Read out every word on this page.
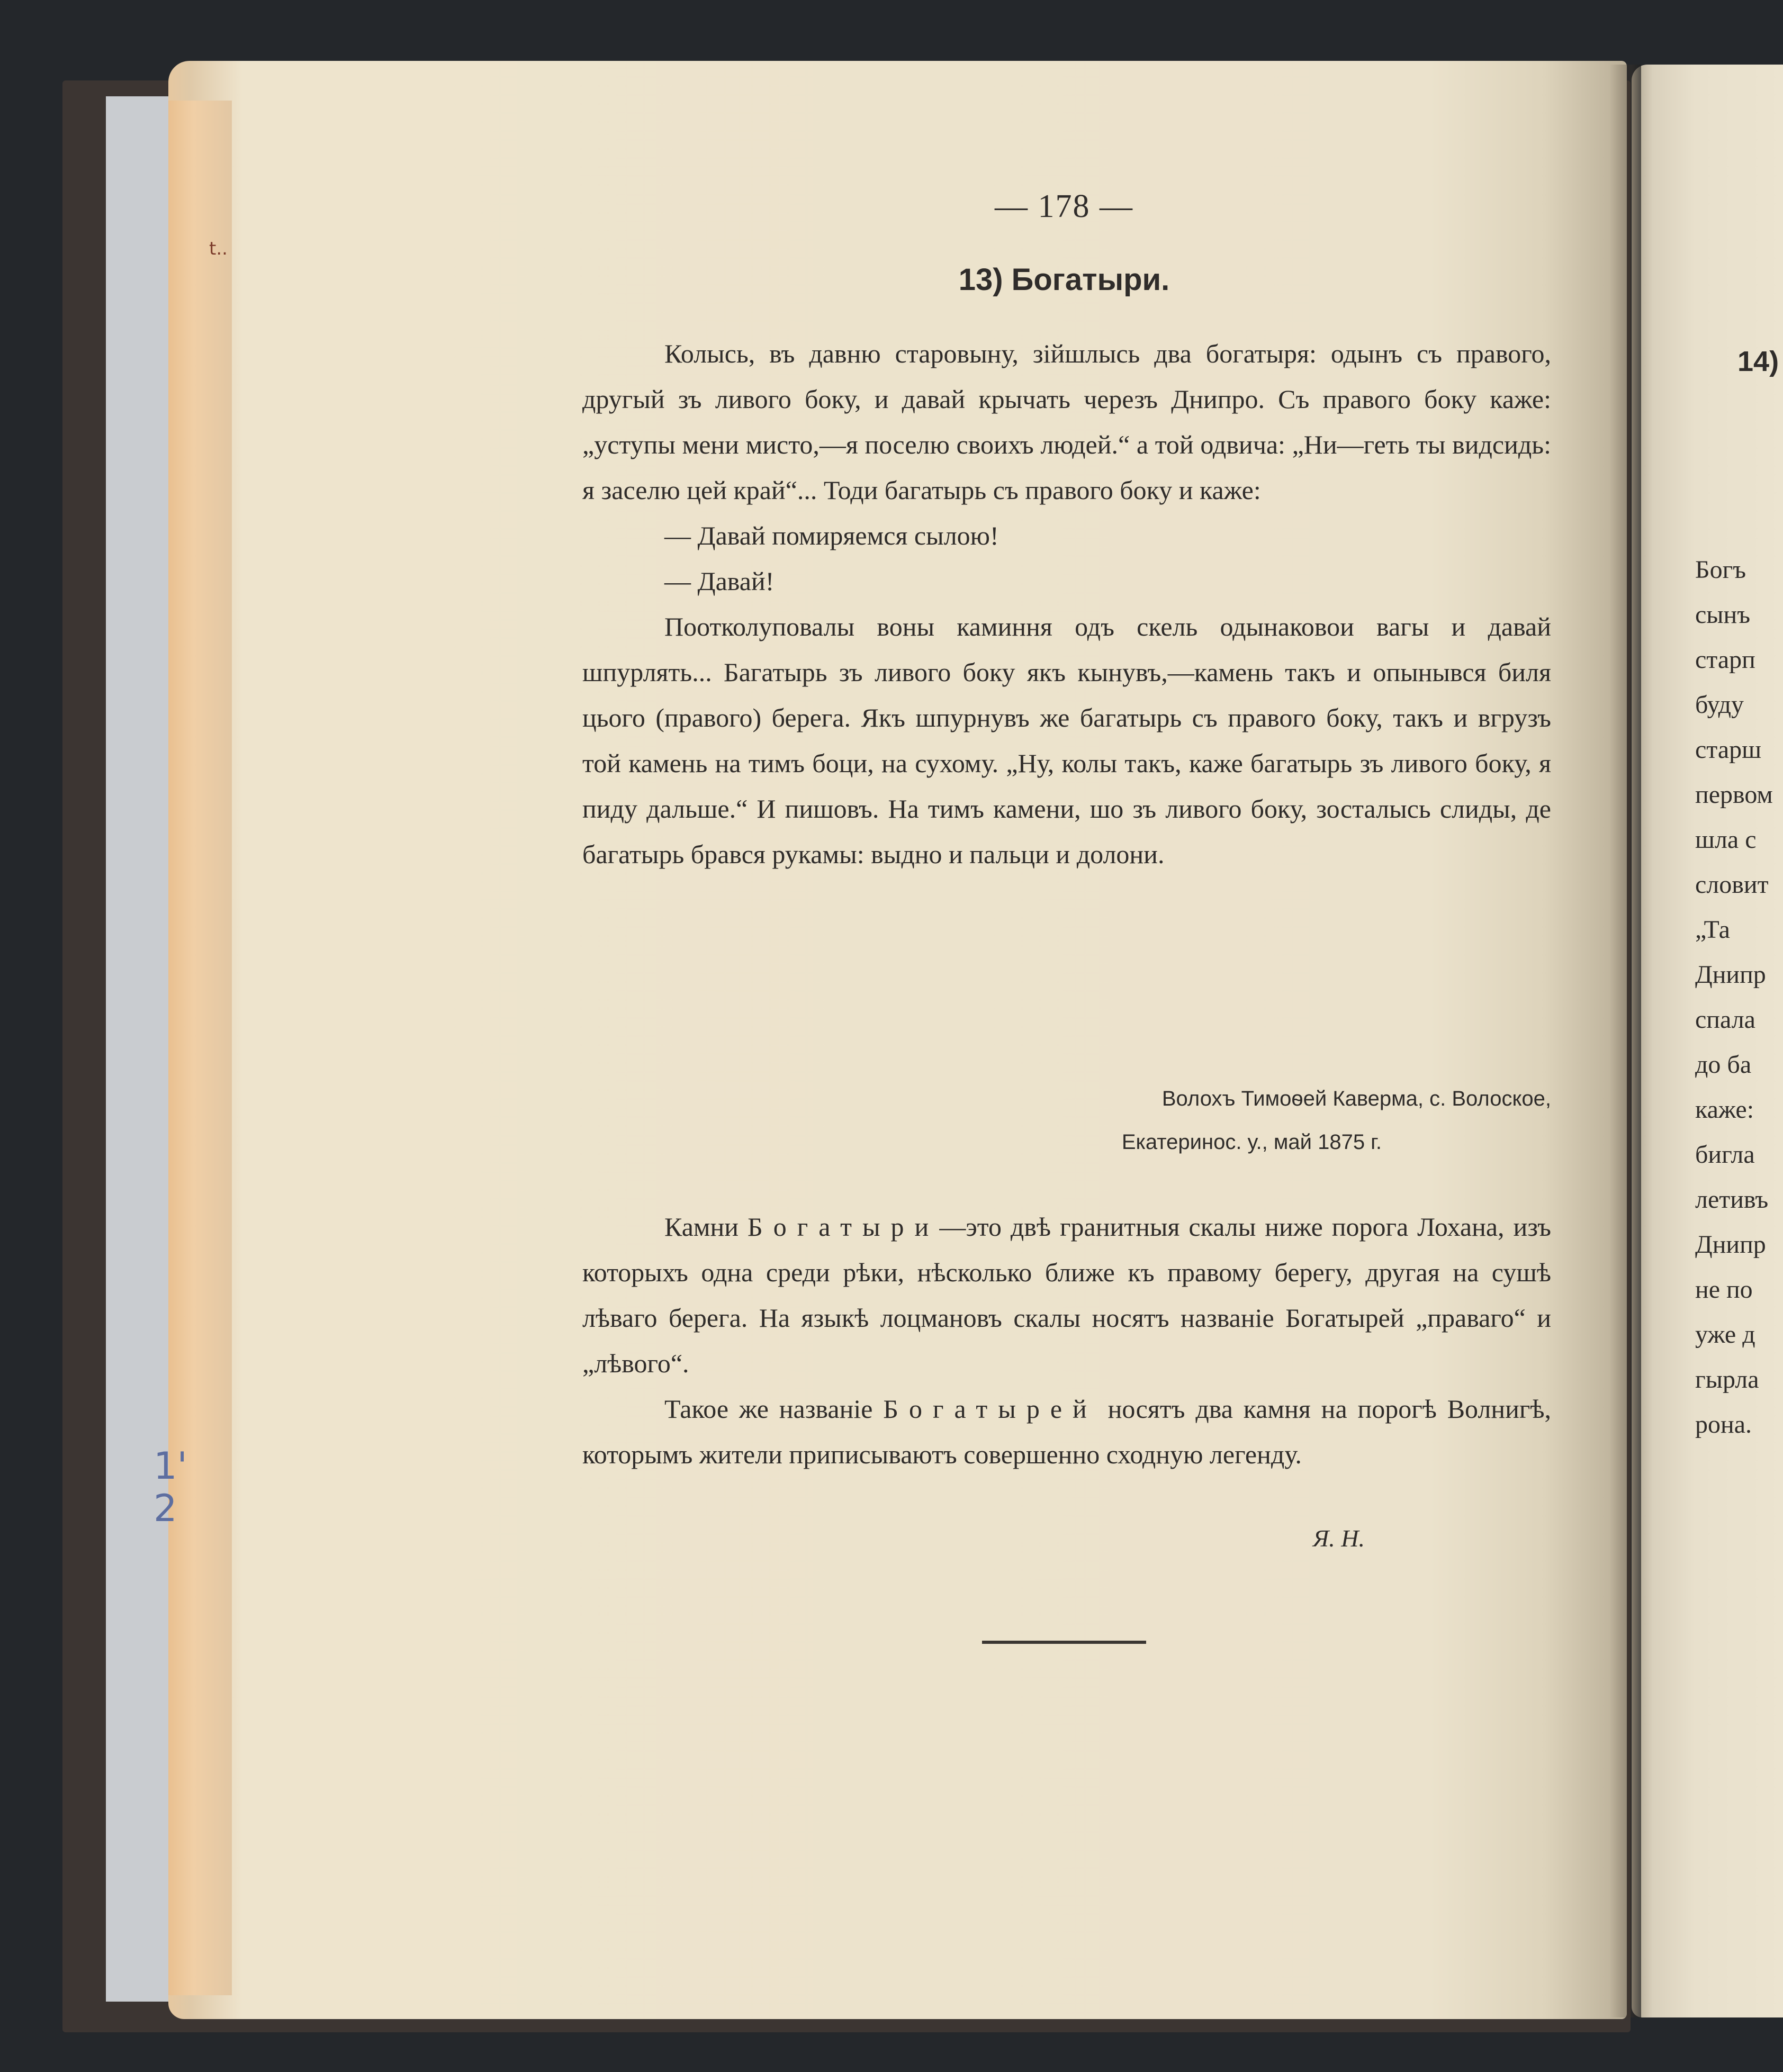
14)
Богъ
сынъ
старп
буду
старш
первом
шла с
словит
„Та
Днипр
спала
до ба
каже:
бигла
летивъ
Днипр
не по
уже д
гырла
рона.
t..
1'
2
— 178 —
13) Богатыри.

Колысь, въ давню старовыну, зійшлысь два богатыря: одынъ съ правого, другый зъ ливого боку, и давай крычать черезъ Днипро. Съ правого боку каже: „уступы мени мисто,—я поселю своихъ людей.“ а той одвича: „Ни—геть ты видсидь: я заселю цей край“... Тоди багатырь съ правого боку и каже:

— Давай помиряемся сылою!

— Давай!

Поотколуповалы воны каминня одъ скель одынаковои вагы и давай шпурлять... Багатырь зъ ливого боку якъ кынувъ,—камень такъ и опынывся биля цього (правого) берега. Якъ шпурнувъ же багатырь съ правого боку, такъ и вгрузъ той камень на тимъ боци, на сухому. „Ну, колы такъ, каже багатырь зъ ливого боку, я пиду дальше.“ И пишовъ. На тимъ камени, шо зъ ливого боку, зосталысь слиды, де багатырь брався рукамы: выдно и пальци и долони.

Волохъ Тимоѳей Каверма, с. Волоское,
Екатеринос. у., май 1875 г.

Камни Богатыри—это двѣ гранитныя скалы ниже порога Лохана, изъ которыхъ одна среди рѣки, нѣсколько ближе къ правому берегу, другая на сушѣ лѣваго берега. На языкѣ лоцмановъ скалы носятъ названіе Богатырей „праваго“ и „лѣвого“.

Такое же названіе Богатырей носятъ два камня на порогѣ Волнигѣ, которымъ жители приписываютъ совершенно сходную легенду.

Я. Н.
